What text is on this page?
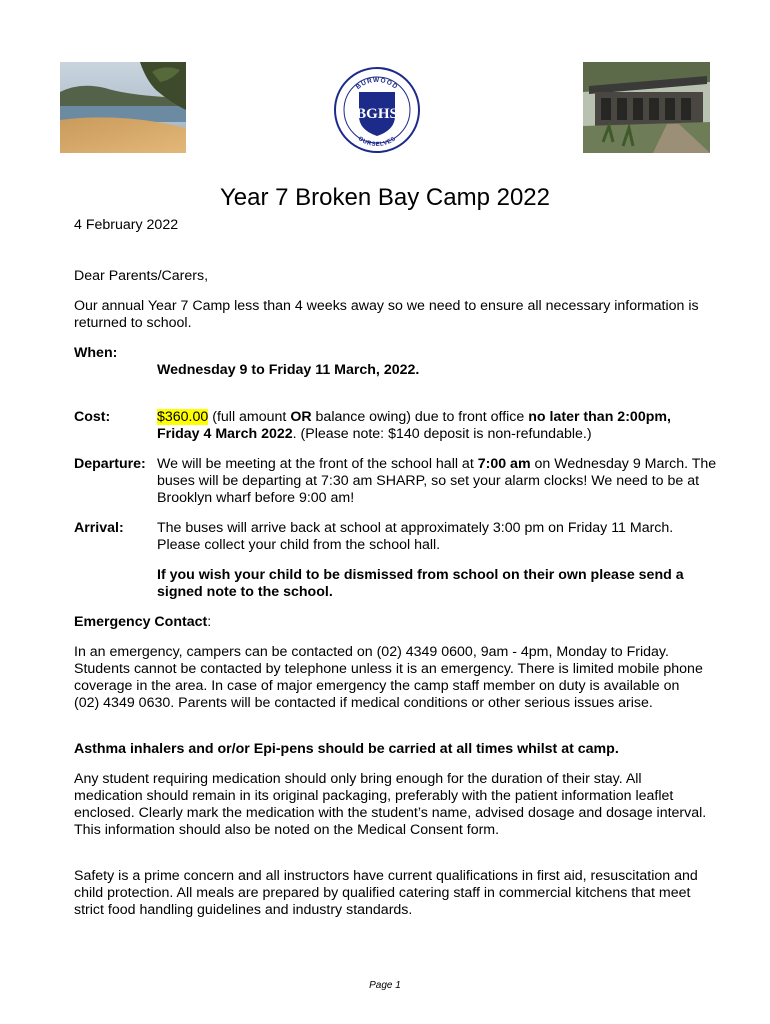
BURWOOD
OURSELVES
BGHS
Year 7 Broken Bay Camp 2022

4 February 2022

Dear Parents/Carers,

Our annual Year 7 Camp less than 4 weeks away so we need to ensure all necessary information is returned to school.

When:

Wednesday 9 to Friday 11 March, 2022.

Cost:	$360.00 (full amount OR balance owing) due to front office no later than 2:00pm, Friday 4 March 2022. (Please note: $140 deposit is non-refundable.)

Departure: We will be meeting at the front of the school hall at 7:00 am on Wednesday 9 March. The buses will be departing at 7:30 am SHARP, so set your alarm clocks! We need to be at Brooklyn wharf before 9:00 am!

Arrival: The buses will arrive back at school at approximately 3:00 pm on Friday 11 March. Please collect your child from the school hall.

If you wish your child to be dismissed from school on their own please send a signed note to the school.

Emergency Contact:

In an emergency, campers can be contacted on (02) 4349 0600, 9am - 4pm, Monday to Friday. Students cannot be contacted by telephone unless it is an emergency. There is limited mobile phone coverage in the area. In case of major emergency the camp staff member on duty is available on (02) 4349 0630. Parents will be contacted if medical conditions or other serious issues arise.

Asthma inhalers and or/or Epi-pens should be carried at all times whilst at camp.

Any student requiring medication should only bring enough for the duration of their stay. All medication should remain in its original packaging, preferably with the patient information leaflet enclosed. Clearly mark the medication with the student’s name, advised dosage and dosage interval. This information should also be noted on the Medical Consent form.

Safety is a prime concern and all instructors have current qualifications in first aid, resuscitation and child protection. All meals are prepared by qualified catering staff in commercial kitchens that meet strict food handling guidelines and industry standards.

Page 1
